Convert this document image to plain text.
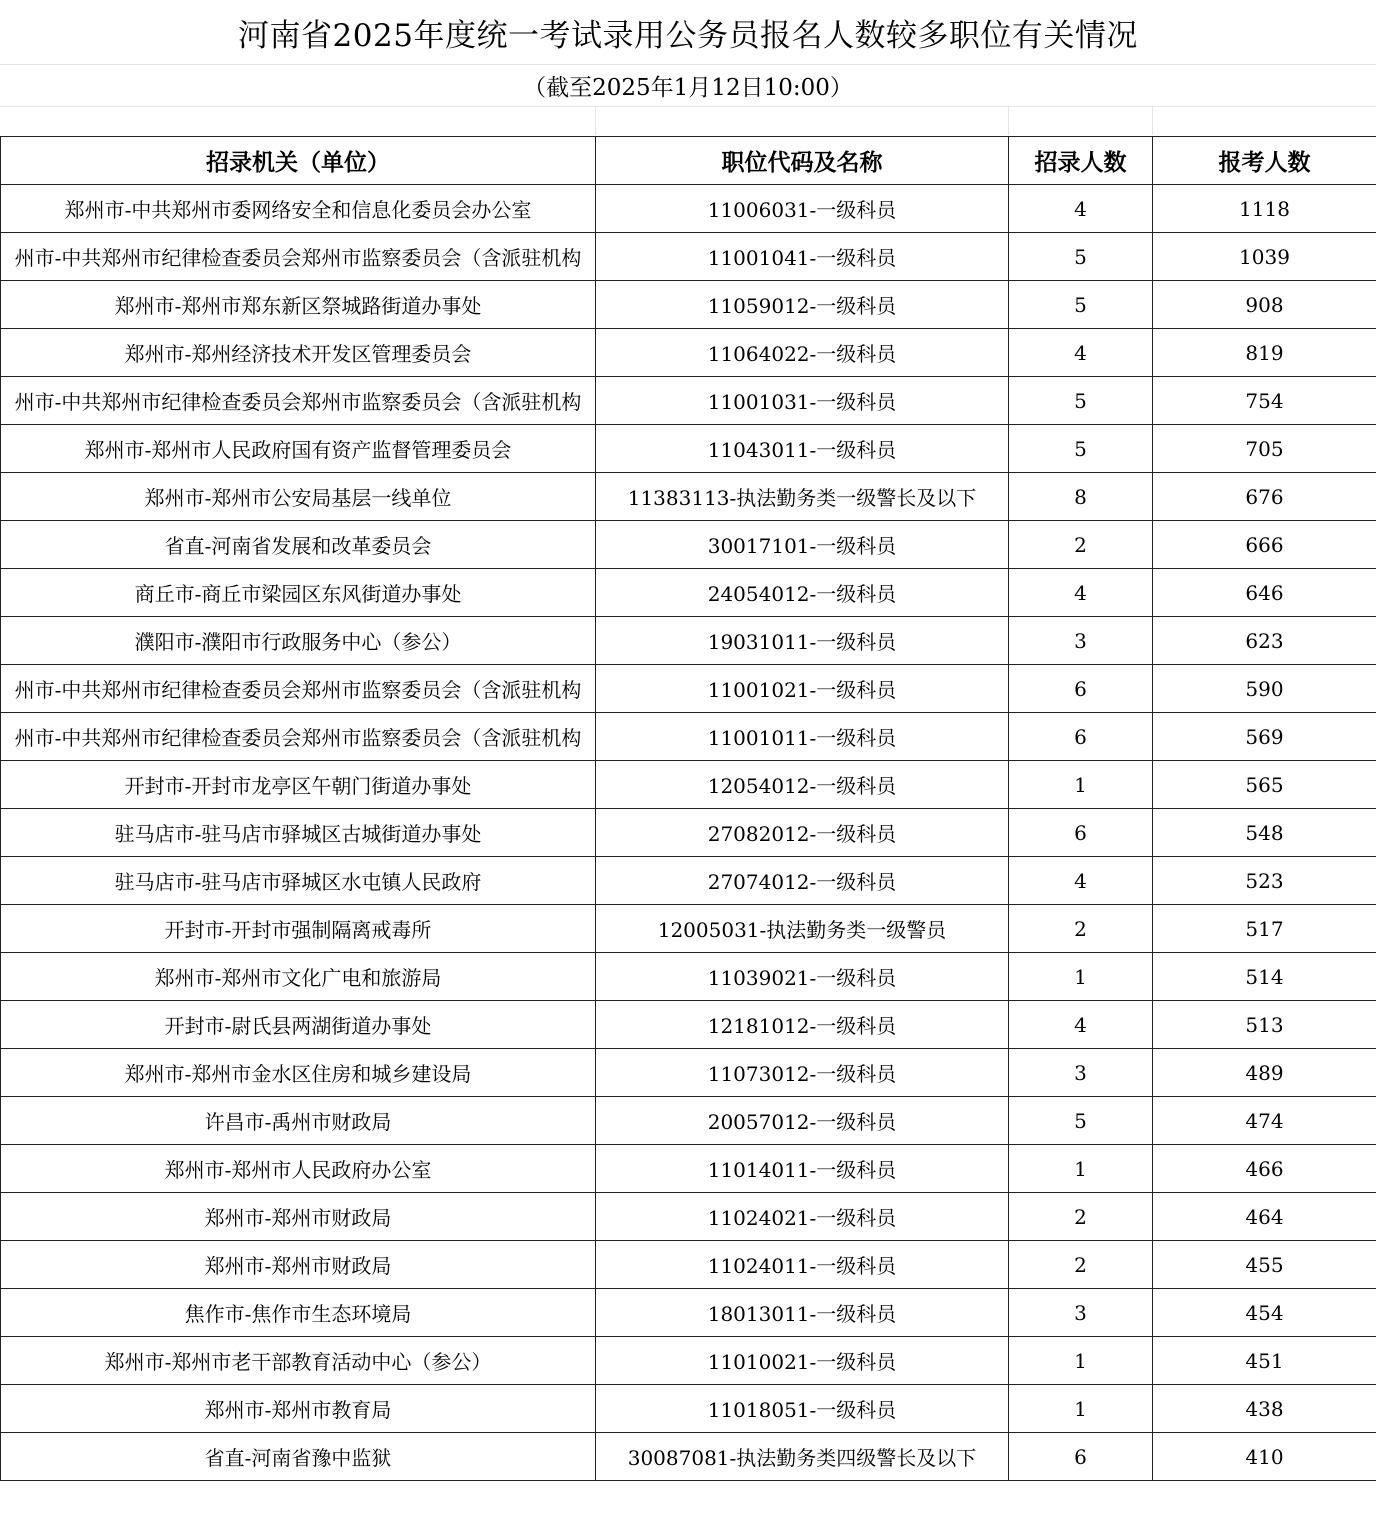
河南省2025年度统一考试录用公务员报名人数较多职位有关情况
（截至2025年1月12日10:00）
招录机关（单位）	职位代码及名称	招录人数	报考人数
郑州市-中共郑州市委网络安全和信息化委员会办公室	11006031-一级科员	4	1118
州市-中共郑州市纪律检查委员会郑州市监察委员会（含派驻机构	11001041-一级科员	5	1039
郑州市-郑州市郑东新区祭城路街道办事处	11059012-一级科员	5	908
郑州市-郑州经济技术开发区管理委员会	11064022-一级科员	4	819
州市-中共郑州市纪律检查委员会郑州市监察委员会（含派驻机构	11001031-一级科员	5	754
郑州市-郑州市人民政府国有资产监督管理委员会	11043011-一级科员	5	705
郑州市-郑州市公安局基层一线单位	11383113-执法勤务类一级警长及以下	8	676
省直-河南省发展和改革委员会	30017101-一级科员	2	666
商丘市-商丘市梁园区东风街道办事处	24054012-一级科员	4	646
濮阳市-濮阳市行政服务中心（参公）	19031011-一级科员	3	623
州市-中共郑州市纪律检查委员会郑州市监察委员会（含派驻机构	11001021-一级科员	6	590
州市-中共郑州市纪律检查委员会郑州市监察委员会（含派驻机构	11001011-一级科员	6	569
开封市-开封市龙亭区午朝门街道办事处	12054012-一级科员	1	565
驻马店市-驻马店市驿城区古城街道办事处	27082012-一级科员	6	548
驻马店市-驻马店市驿城区水屯镇人民政府	27074012-一级科员	4	523
开封市-开封市强制隔离戒毒所	12005031-执法勤务类一级警员	2	517
郑州市-郑州市文化广电和旅游局	11039021-一级科员	1	514
开封市-尉氏县两湖街道办事处	12181012-一级科员	4	513
郑州市-郑州市金水区住房和城乡建设局	11073012-一级科员	3	489
许昌市-禹州市财政局	20057012-一级科员	5	474
郑州市-郑州市人民政府办公室	11014011-一级科员	1	466
郑州市-郑州市财政局	11024021-一级科员	2	464
郑州市-郑州市财政局	11024011-一级科员	2	455
焦作市-焦作市生态环境局	18013011-一级科员	3	454
郑州市-郑州市老干部教育活动中心（参公）	11010021-一级科员	1	451
郑州市-郑州市教育局	11018051-一级科员	1	438
省直-河南省豫中监狱	30087081-执法勤务类四级警长及以下	6	410
